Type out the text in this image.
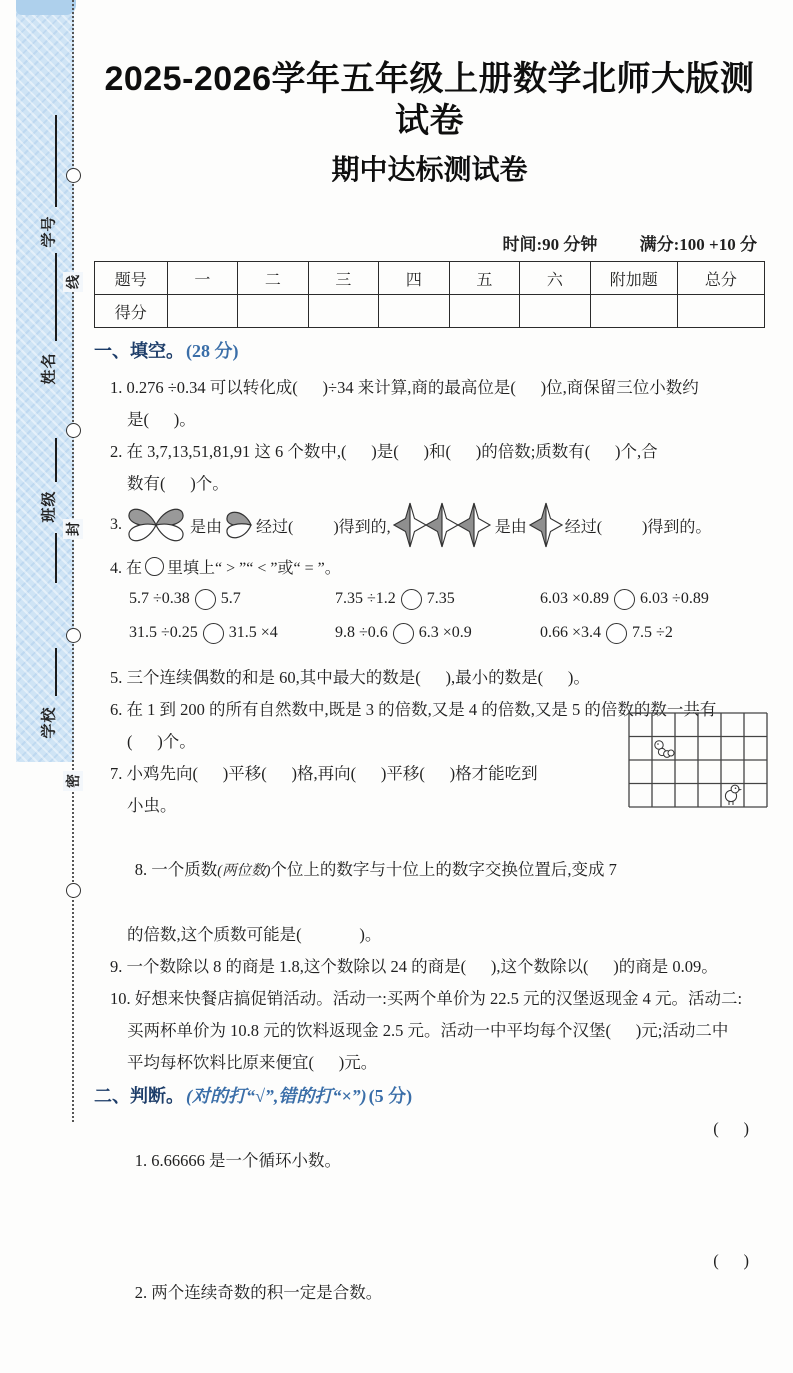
线
封
密
学号
姓名
班级
学校
2025-2026学年五年级上册数学北师大版测试卷
期中达标测试卷
时间:90 分钟 满分:100 +10 分
题号	一	二	三	四	五	六	附加题	总分
得分								
一、填空。 (28 分)
1. 0.276 ÷0.34 可以转化成(      )÷34 来计算,商的最高位是(      )位,商保留三位小数约
是(      )。
2. 在 3,7,13,51,81,91 这 6 个数中,(      )是(      )和(      )的倍数;质数有(      )个,合
数有(      )个。
3.	是由 经过(          )得到的,	是由 经过(          )得到的。
4. 在 里填上“ > ”“ < ”或“ = ”。
5.7 ÷0.38 5.7	7.35 ÷1.2 7.35	6.03 ×0.89 6.03 ÷0.89
31.5 ÷0.25 31.5 ×4	9.8 ÷0.6 6.3 ×0.9	0.66 ×3.4 7.5 ÷2
5. 三个连续偶数的和是 60,其中最大的数是(      ),最小的数是(      )。
6. 在 1 到 200 的所有自然数中,既是 3 的倍数,又是 4 的倍数,又是 5 的倍数的数一共有
(      )个。
7. 小鸡先向(      )平移(      )格,再向(      )平移(      )格才能吃到
小虫。

8. 一个质数(两位数)个位上的数字与十位上的数字交换位置后,变成 7

的倍数,这个质数可能是(              )。
9. 一个数除以 8 的商是 1.8,这个数除以 24 的商是(      ),这个数除以(      )的商是 0.09。
10. 好想来快餐店搞促销活动。活动一:买两个单价为 22.5 元的汉堡返现金 4 元。活动二:
买两杯单价为 10.8 元的饮料返现金 2.5 元。活动一中平均每个汉堡(      )元;活动二中
平均每杯饮料比原来便宜(      )元。
二、判断。 (对的打“√”,错的打“×”) (5 分)

1. 6.66666 是一个循环小数。

(      )

2. 两个连续奇数的积一定是合数。

(      )
